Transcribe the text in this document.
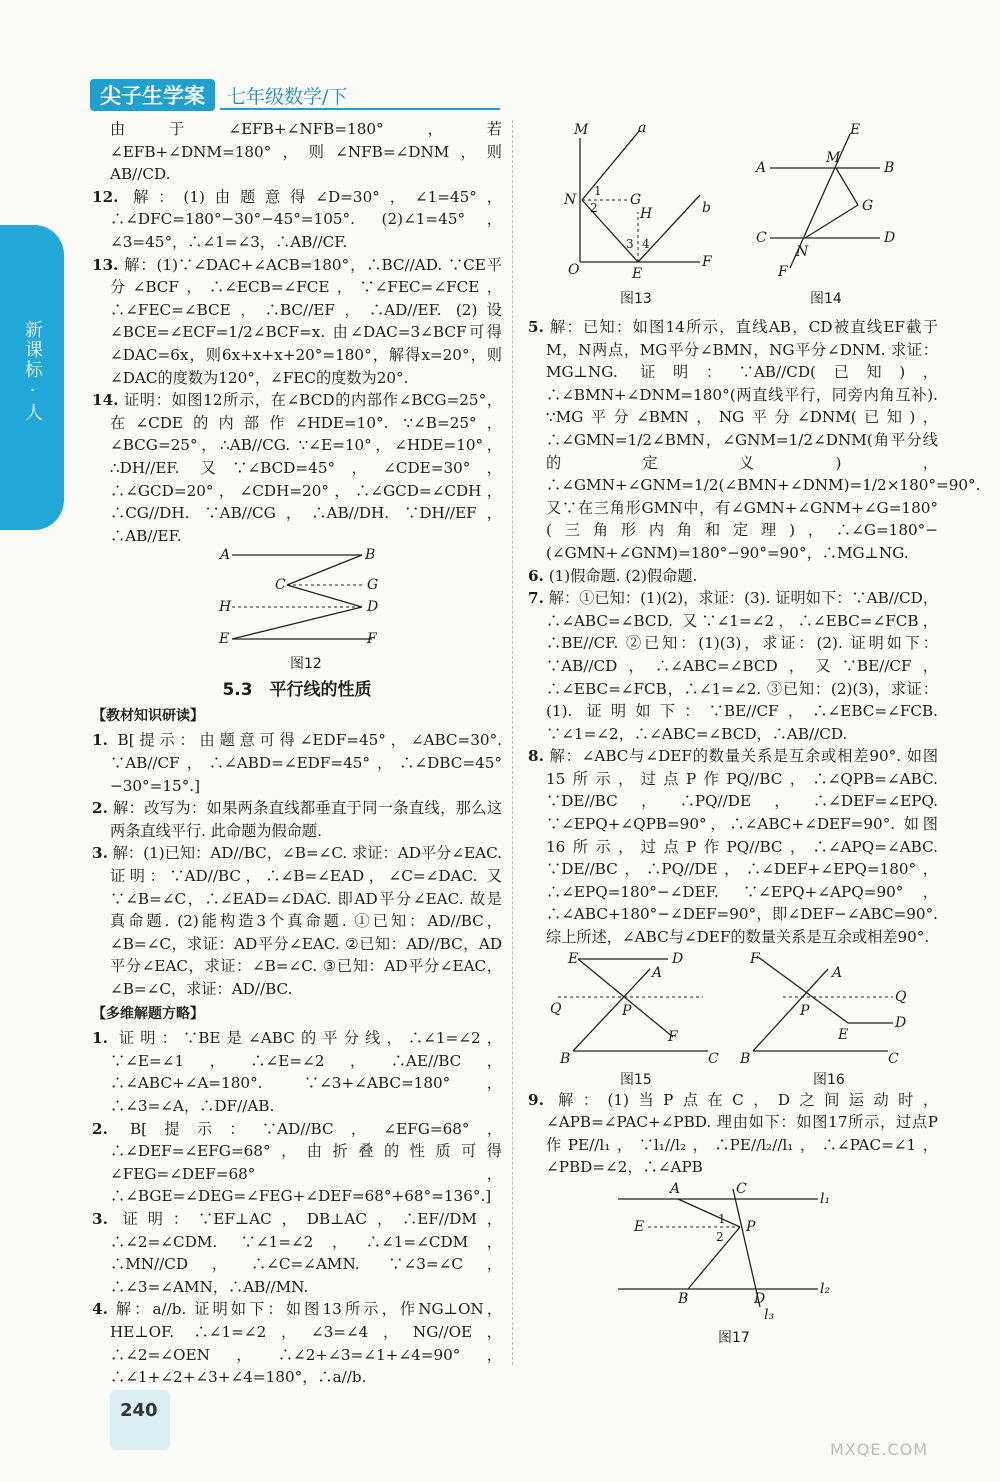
尖子生学案	七年级数学/下
新课标·人

由于∠EFB+∠NFB=180°，若∠EFB+∠DNM=180°，则∠NFB=∠DNM，则AB//CD.

12. 解：(1)由题意得∠D=30°，∠1=45°，∴∠DFC=180°−30°−45°=105°. (2)∠1=45°，∠3=45°，∴∠1=∠3，∴AB//CF.

13. 解：(1)∵∠DAC+∠ACB=180°，∴BC//AD. ∵CE平分∠BCF，∴∠ECB=∠FCE，∵∠FEC=∠FCE，∴∠FEC=∠BCE，∴BC//EF，∴AD//EF. (2)设∠BCE=∠ECF=1/2∠BCF=x. 由∠DAC=3∠BCF可得∠DAC=6x，则6x+x+x+20°=180°，解得x=20°，则∠DAC的度数为120°，∠FEC的度数为20°.

14. 证明：如图12所示，在∠BCD的内部作∠BCG=25°，在∠CDE的内部作∠HDE=10°. ∵∠B=25°，∠BCG=25°，∴AB//CG. ∵∠E=10°，∠HDE=10°，∴DH//EF. 又∵∠BCD=45°，∠CDE=30°，∴∠GCD=20°，∠CDH=20°，∴∠GCD=∠CDH，∴CG//DH. ∵AB//CG，∴AB//DH. ∵DH//EF，∴AB//EF.

A	B
C	G
H	D
E	F
图12
5.3　平行线的性质
【教材知识研读】

1. B[提示：由题意可得∠EDF=45°，∠ABC=30°. ∵AB//CF，∴∠ABD=∠EDF=45°，∴∠DBC=45°−30°=15°.]

2. 解：改写为：如果两条直线都垂直于同一条直线，那么这两条直线平行. 此命题为假命题.

3. 解：(1)已知：AD//BC，∠B=∠C. 求证：AD平分∠EAC. 证明：∵AD//BC，∴∠B=∠EAD，∠C=∠DAC. 又∵∠B=∠C，∴∠EAD=∠DAC. 即AD平分∠EAC. 故是真命题. (2)能构造3个真命题. ①已知：AD//BC，∠B=∠C，求证：AD平分∠EAC. ②已知：AD//BC，AD平分∠EAC，求证：∠B=∠C. ③已知：AD平分∠EAC，∠B=∠C，求证：AD//BC.

【多维解题方略】

1. 证明：∵BE是∠ABC的平分线，∴∠1=∠2，∵∠E=∠1，∴∠E=∠2，∴AE//BC，∴∠ABC+∠A=180°. ∵∠3+∠ABC=180°，∴∠3=∠A，∴DF//AB.

2. B[提示：∵AD//BC，∠EFG=68°，∴∠DEF=∠EFG=68°，由折叠的性质可得∠FEG=∠DEF=68°，∴∠BGE=∠DEG=∠FEG+∠DEF=68°+68°=136°.]

3. 证明：∵EF⊥AC，DB⊥AC，∴EF//DM，∴∠2=∠CDM. ∵∠1=∠2，∴∠1=∠CDM，∴MN//CD，∴∠C=∠AMN. ∵∠3=∠C，∴∠3=∠AMN，∴AB//MN.

4. 解：a//b. 证明如下：如图13所示，作NG⊥ON，HE⊥OF. ∴∠1=∠2，∠3=∠4，NG//OE，∴∠2=∠OEN，∴∠2+∠3=∠1+∠4=90°，∴∠1+∠2+∠3+∠4=180°，∴a//b.

M	a
N	G
H	b
O	E
F
1
2
3 4
图13
E
A	B
M
G
C	D
N
F
图14

5. 解：已知：如图14所示，直线AB，CD被直线EF截于M，N两点，MG平分∠BMN，NG平分∠DNM. 求证：MG⊥NG. 证明：∵AB//CD(已知)，∴∠BMN+∠DNM=180°(两直线平行，同旁内角互补). ∵MG平分∠BMN，NG平分∠DNM(已知)，∴∠GMN=1/2∠BMN，∠GNM=1/2∠DNM(角平分线的定义)，∴∠GMN+∠GNM=1/2(∠BMN+∠DNM)=1/2×180°=90°. 又∵在三角形GMN中，有∠GMN+∠GNM+∠G=180°(三角形内角和定理)，∴∠G=180°−(∠GMN+∠GNM)=180°−90°=90°，∴MG⊥NG.

6. (1)假命题. (2)假命题.

7. 解：①已知：(1)(2)，求证：(3). 证明如下：∵AB//CD，∴∠ABC=∠BCD. 又∵∠1=∠2，∴∠EBC=∠FCB，∴BE//CF. ②已知：(1)(3)，求证：(2). 证明如下：∵AB//CD，∴∠ABC=∠BCD，又∵BE//CF，∴∠EBC=∠FCB，∴∠1=∠2. ③已知：(2)(3)，求证：(1). 证明如下：∵BE//CF，∴∠EBC=∠FCB. ∵∠1=∠2，∴∠ABC=∠BCD，∴AB//CD.

8. 解：∠ABC与∠DEF的数量关系是互余或相差90°. 如图15所示，过点P作PQ//BC，∴∠QPB=∠ABC. ∵DE//BC，∴PQ//DE，∴∠DEF=∠EPQ. ∵∠EPQ+∠QPB=90°，∴∠ABC+∠DEF=90°. 如图16所示，过点P作PQ//BC，∴∠APQ=∠ABC. ∵DE//BC，∴PQ//DE，∴∠DEF+∠EPQ=180°，∴∠EPQ=180°−∠DEF. ∵∠EPQ+∠APQ=90°，∴∠ABC+180°−∠DEF=90°，即∠DEF−∠ABC=90°. 综上所述，∠ABC与∠DEF的数量关系是互余或相差90°.

E	D
A
Q	P
F
B	C
F
A
Q
P
E
D
B	C
图15	图16

9. 解：(1)当P点在C，D之间运动时，∠APB=∠PAC+∠PBD. 理由如下：如图17所示，过点P作PE//l₁，∵l₁//l₂，∴PE//l₂//l₁，∴∠PAC=∠1，∠PBD=∠2，∴∠APB

A	C
l₁
E	P
1
2
B	D
l₂
l₃
图17
240
MXQE.COM
